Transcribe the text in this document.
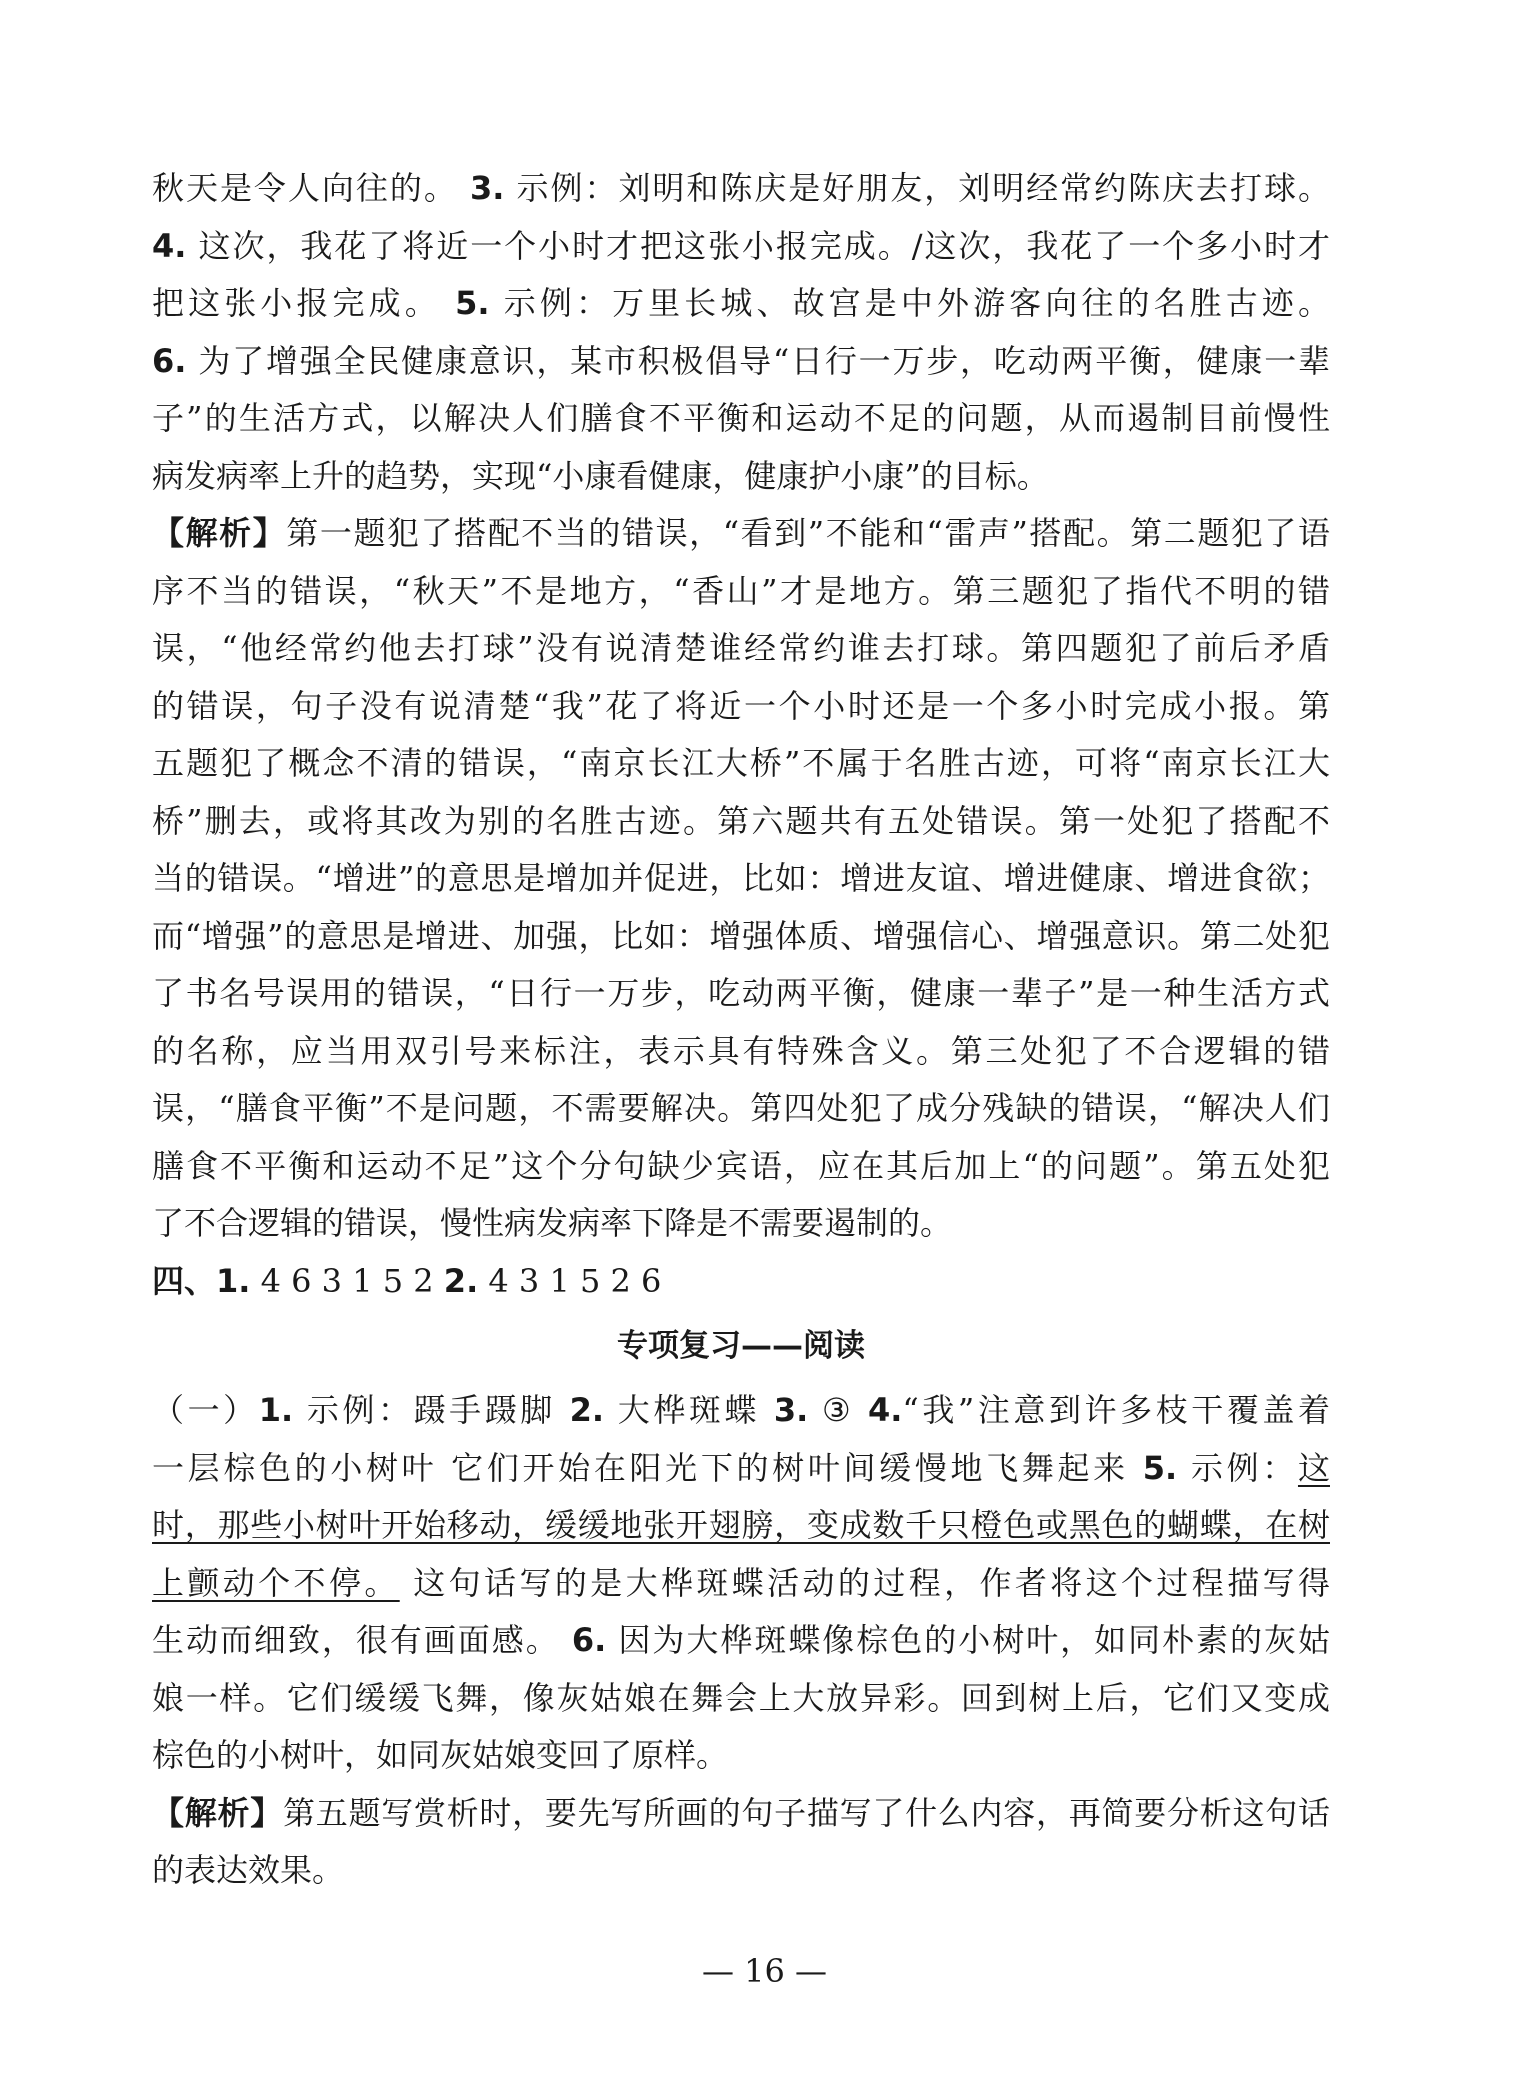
秋天是令人向往的。 3. 示例：刘明和陈庆是好朋友，刘明经常约陈庆去打球。
4. 这次，我花了将近一个小时才把这张小报完成。/这次，我花了一个多小时才
把这张小报完成。 5. 示例：万里长城、故宫是中外游客向往的名胜古迹。
6. 为了增强全民健康意识，某市积极倡导“日行一万步，吃动两平衡，健康一辈
子”的生活方式，以解决人们膳食不平衡和运动不足的问题，从而遏制目前慢性
病发病率上升的趋势，实现“小康看健康，健康护小康”的目标。
【解析】第一题犯了搭配不当的错误，“看到”不能和“雷声”搭配。第二题犯了语
序不当的错误，“秋天”不是地方，“香山”才是地方。第三题犯了指代不明的错
误，“他经常约他去打球”没有说清楚谁经常约谁去打球。第四题犯了前后矛盾
的错误，句子没有说清楚“我”花了将近一个小时还是一个多小时完成小报。第
五题犯了概念不清的错误，“南京长江大桥”不属于名胜古迹，可将“南京长江大
桥”删去，或将其改为别的名胜古迹。第六题共有五处错误。第一处犯了搭配不
当的错误。“增进”的意思是增加并促进，比如：增进友谊、增进健康、增进食欲；
而“增强”的意思是增进、加强，比如：增强体质、增强信心、增强意识。第二处犯
了书名号误用的错误，“日行一万步，吃动两平衡，健康一辈子”是一种生活方式
的名称，应当用双引号来标注，表示具有特殊含义。第三处犯了不合逻辑的错
误，“膳食平衡”不是问题，不需要解决。第四处犯了成分残缺的错误，“解决人们
膳食不平衡和运动不足”这个分句缺少宾语，应在其后加上“的问题”。第五处犯
了不合逻辑的错误，慢性病发病率下降是不需要遏制的。
四、1. 4 6 3 1 5 2 2. 4 3 1 5 2 6
专项复习——阅读
（一）1. 示例：蹑手蹑脚 2. 大桦斑蝶 3. ③ 4.“我”注意到许多枝干覆盖着
一层棕色的小树叶 它们开始在阳光下的树叶间缓慢地飞舞起来 5. 示例：这
时，那些小树叶开始移动，缓缓地张开翅膀，变成数千只橙色或黑色的蝴蝶，在树
上颤动个不停。 这句话写的是大桦斑蝶活动的过程，作者将这个过程描写得
生动而细致，很有画面感。 6. 因为大桦斑蝶像棕色的小树叶，如同朴素的灰姑
娘一样。它们缓缓飞舞，像灰姑娘在舞会上大放异彩。回到树上后，它们又变成
棕色的小树叶，如同灰姑娘变回了原样。
【解析】第五题写赏析时，要先写所画的句子描写了什么内容，再简要分析这句话
的表达效果。
— 16 —
